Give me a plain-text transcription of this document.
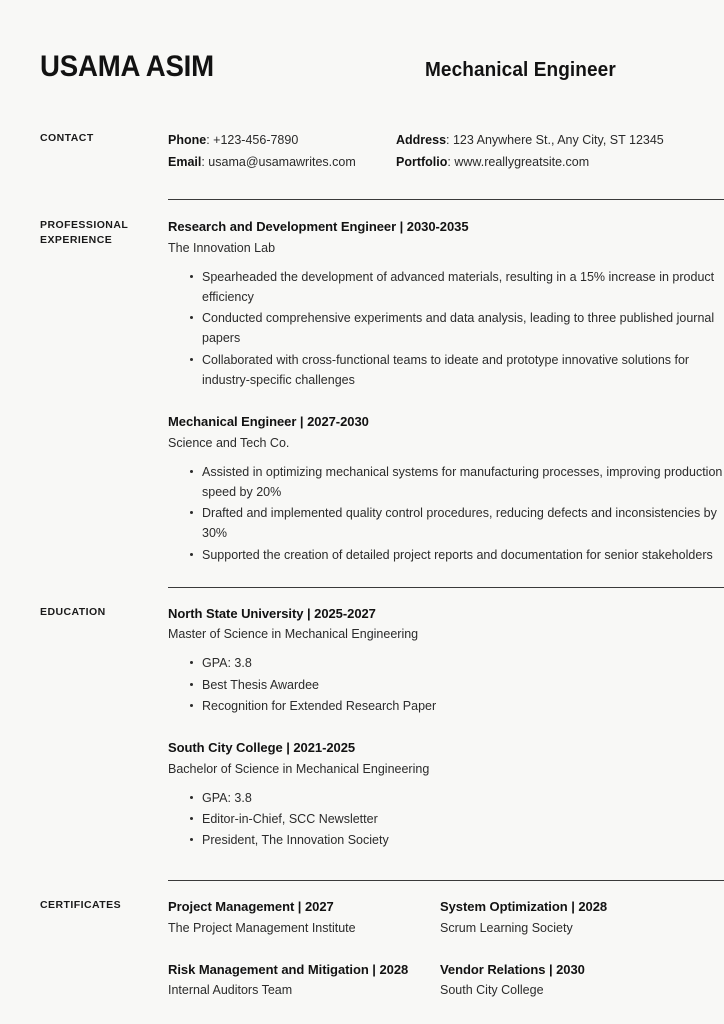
USAMA ASIM	Mechanical Engineer
CONTACT	Phone: +123-456-7890
Email: usama@usamawrites.com
Address: 123 Anywhere St., Any City, ST 12345
Portfolio: www.reallygreatsite.com
PROFESSIONAL
EXPERIENCE
Research and Development Engineer | 2030-2035
The Innovation Lab
Spearheaded the development of advanced materials, resulting in a 15% increase in product efficiency
Conducted comprehensive experiments and data analysis, leading to three published journal papers
Collaborated with cross-functional teams to ideate and prototype innovative solutions for industry-specific challenges
Mechanical Engineer | 2027-2030
Science and Tech Co.
Assisted in optimizing mechanical systems for manufacturing processes, improving production speed by 20%
Drafted and implemented quality control procedures, reducing defects and inconsistencies by 30%
Supported the creation of detailed project reports and documentation for senior stakeholders
EDUCATION	North State University | 2025-2027
Master of Science in Mechanical Engineering
GPA: 3.8
Best Thesis Awardee
Recognition for Extended Research Paper
South City College | 2021-2025
Bachelor of Science in Mechanical Engineering
GPA: 3.8
Editor-in-Chief, SCC Newsletter
President, The Innovation Society
CERTIFICATES	Project Management | 2027
The Project Management Institute
System Optimization | 2028
Scrum Learning Society
Risk Management and Mitigation | 2028
Internal Auditors Team
Vendor Relations | 2030
South City College
